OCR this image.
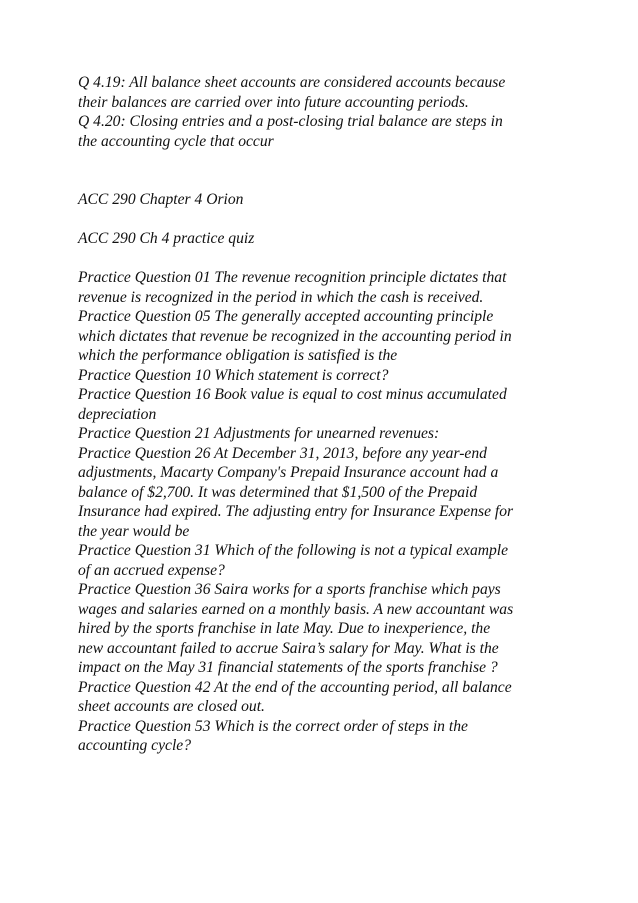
Q 4.19: All balance sheet accounts are considered accounts because
their balances are carried over into future accounting periods.
Q 4.20: Closing entries and a post-closing trial balance are steps in
the accounting cycle that occur
ACC 290 Chapter 4 Orion
ACC 290 Ch 4 practice quiz
Practice Question 01 The revenue recognition principle dictates that
revenue is recognized in the period in which the cash is received.
Practice Question 05 The generally accepted accounting principle
which dictates that revenue be recognized in the accounting period in
which the performance obligation is satisfied is the
Practice Question 10 Which statement is correct?
Practice Question 16 Book value is equal to cost minus accumulated
depreciation
Practice Question 21 Adjustments for unearned revenues:
Practice Question 26 At December 31, 2013, before any year-end
adjustments, Macarty Company's Prepaid Insurance account had a
balance of $2,700. It was determined that $1,500 of the Prepaid
Insurance had expired. The adjusting entry for Insurance Expense for
the year would be
Practice Question 31 Which of the following is not a typical example
of an accrued expense?
Practice Question 36 Saira works for a sports franchise which pays
wages and salaries earned on a monthly basis. A new accountant was
hired by the sports franchise in late May. Due to inexperience, the
new accountant failed to accrue Saira’s salary for May. What is the
impact on the May 31 financial statements of the sports franchise ?
Practice Question 42 At the end of the accounting period, all balance
sheet accounts are closed out.
Practice Question 53 Which is the correct order of steps in the
accounting cycle?
